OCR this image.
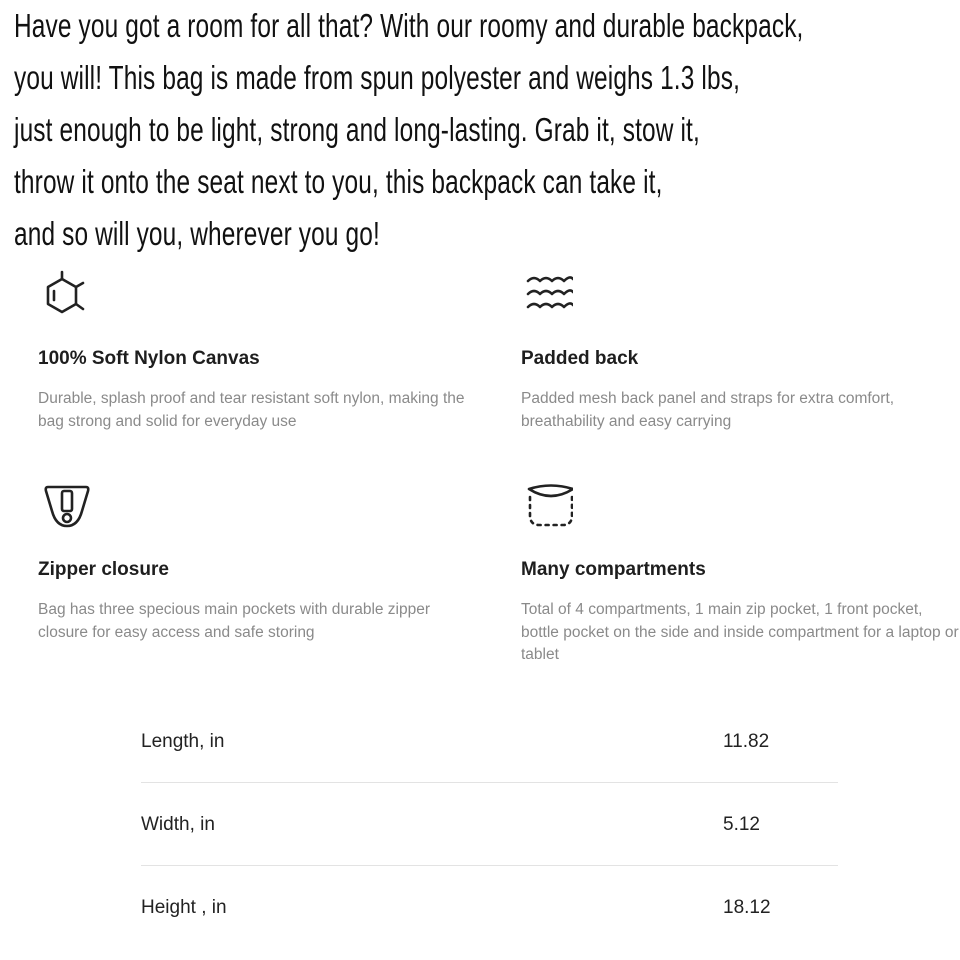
Have you got a room for all that? With our roomy and durable backpack,
you will! This bag is made from spun polyester and weighs 1.3 lbs,
just enough to be light, strong and long-lasting. Grab it, stow it,
throw it onto the seat next to you, this backpack can take it,
and so will you, wherever you go!
100% Soft Nylon Canvas
Durable, splash proof and tear resistant soft nylon, making the bag strong and solid for everyday use
Padded back
Padded mesh back panel and straps for extra comfort, breathability and easy carrying
Zipper closure
Bag has three specious main pockets with durable zipper closure for easy access and safe storing
Many compartments
Total of 4 compartments, 1 main zip pocket, 1 front pocket, bottle pocket on the side and inside compartment for a laptop or tablet
Length, in	11.82
Width, in	5.12
Height , in	18.12
